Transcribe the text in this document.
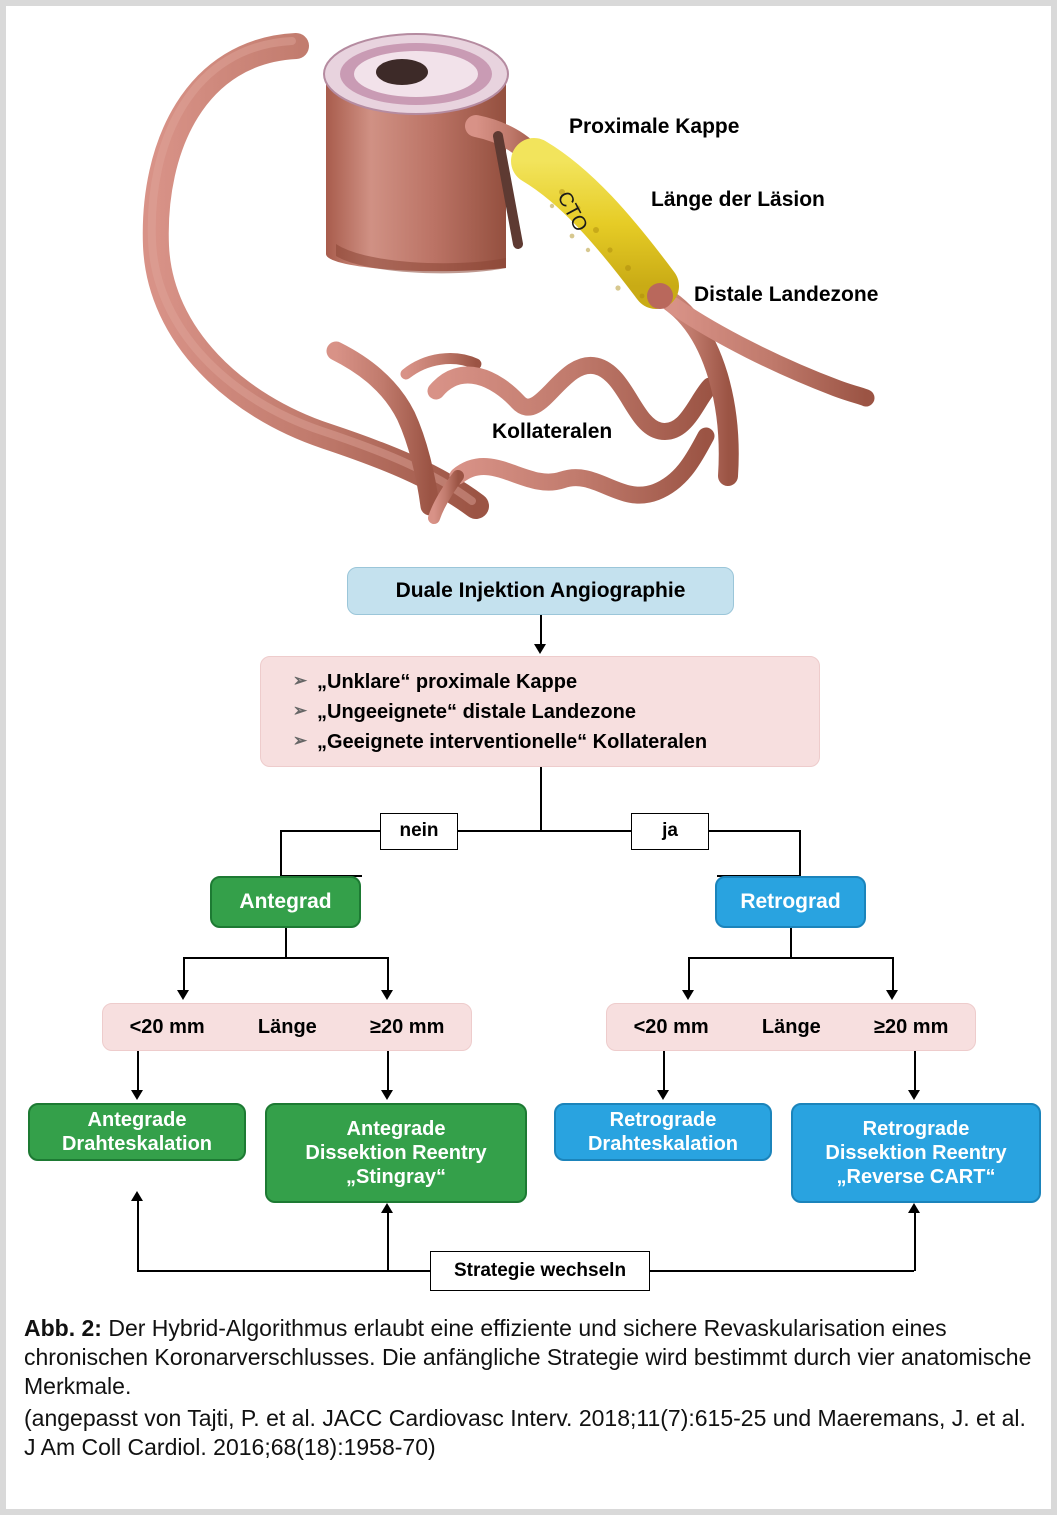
CTO
Proximale Kappe
Länge der Läsion
Distale Landezone
Kollateralen
Duale Injektion Angiographie
➢ „Unklare“ proximale Kappe
➢ „Ungeeignete“ distale Landezone
➢ „Geeignete interventionelle“ Kollateralen
nein	ja
Antegrad	Retrograd
<20 mm	Länge	≥20 mm	<20 mm	Länge	≥20 mm
Antegrade
Drahteskalation
Antegrade
Dissektion Reentry
„Stingray“
Retrograde
Drahteskalation
Retrograde
Dissektion Reentry
„Reverse CART“
Strategie wechseln
Abb. 2: Der Hybrid-Algorithmus erlaubt eine effiziente und sichere Revaskularisation eines chronischen Koronarverschlusses. Die anfängliche Strategie wird bestimmt durch vier anatomische Merkmale.
(angepasst von Tajti, P. et al. JACC Cardiovasc Interv. 2018;11(7):615-25 und Maeremans, J. et al. J Am Coll Cardiol. 2016;68(18):1958-70)
